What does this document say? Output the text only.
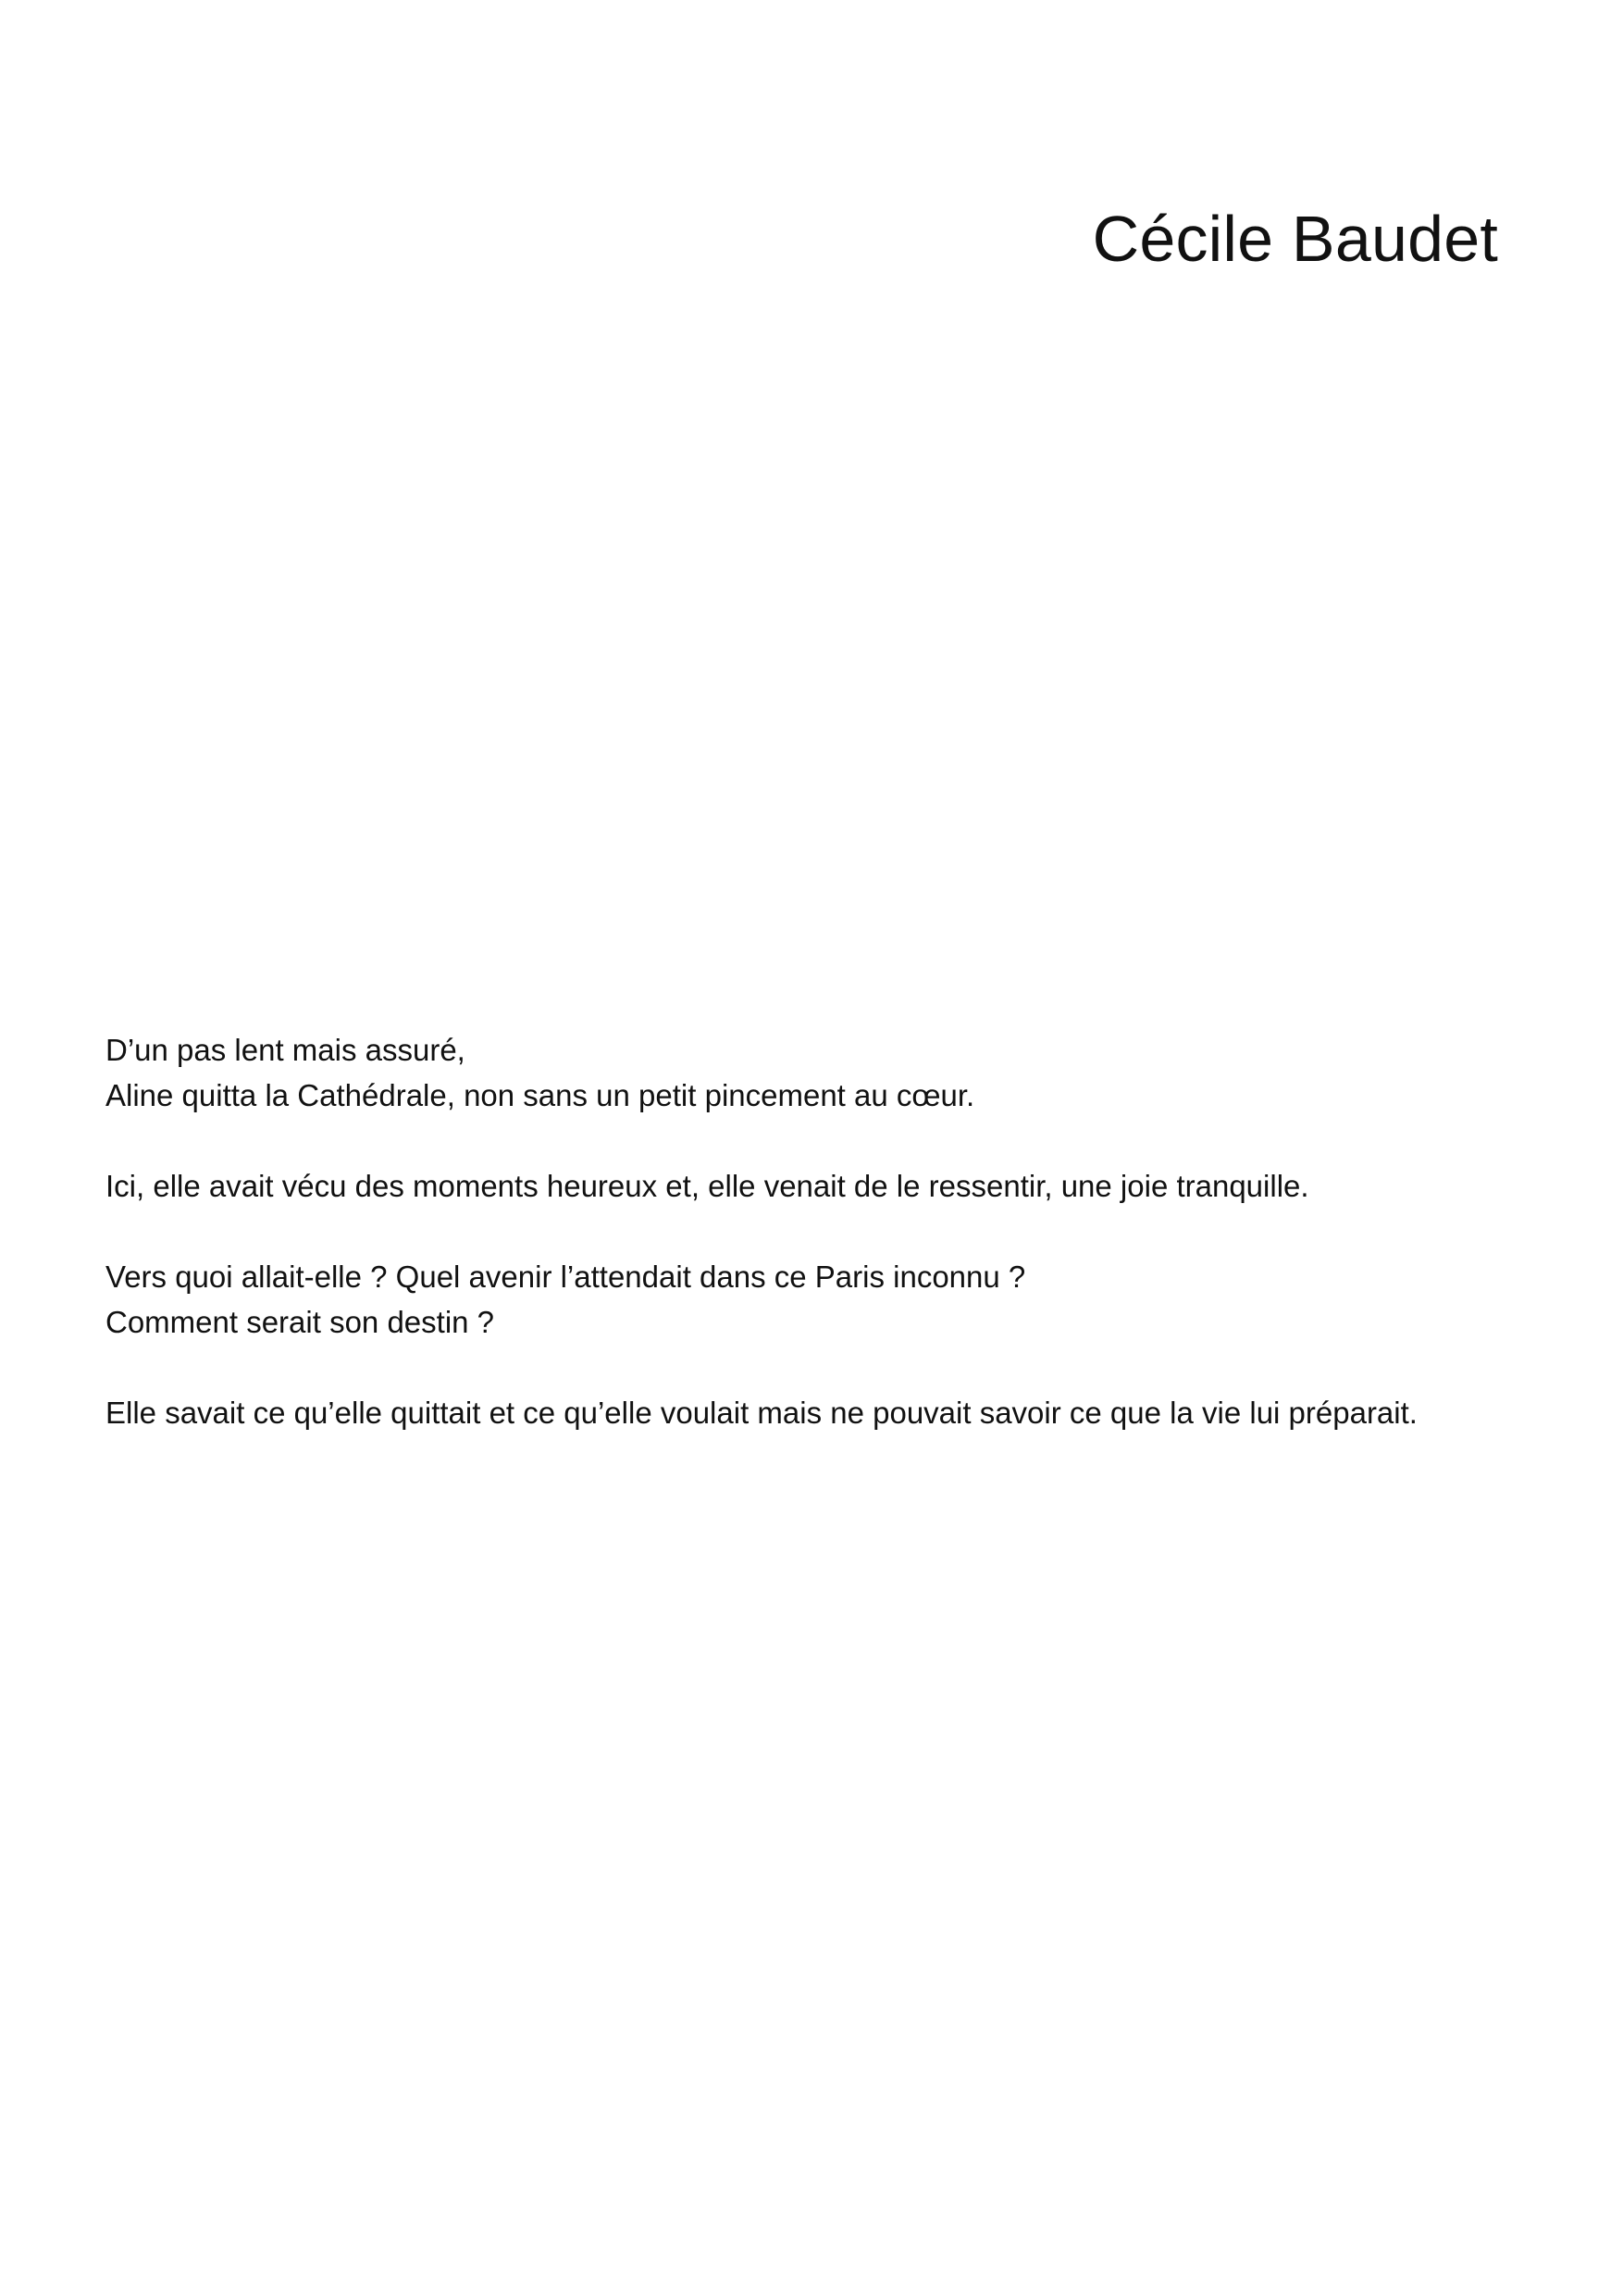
Cécile Baudet

D’un pas lent mais assuré,
Aline quitta la Cathédrale, non sans un petit pincement au cœur.

Ici, elle avait vécu des moments heureux et, elle venait de le ressentir, une joie tranquille.

Vers quoi allait-elle ? Quel avenir l’attendait dans ce Paris inconnu ?
Comment serait son destin ?

Elle savait ce qu’elle quittait et ce qu’elle voulait mais ne pouvait savoir ce que la vie lui préparait.
